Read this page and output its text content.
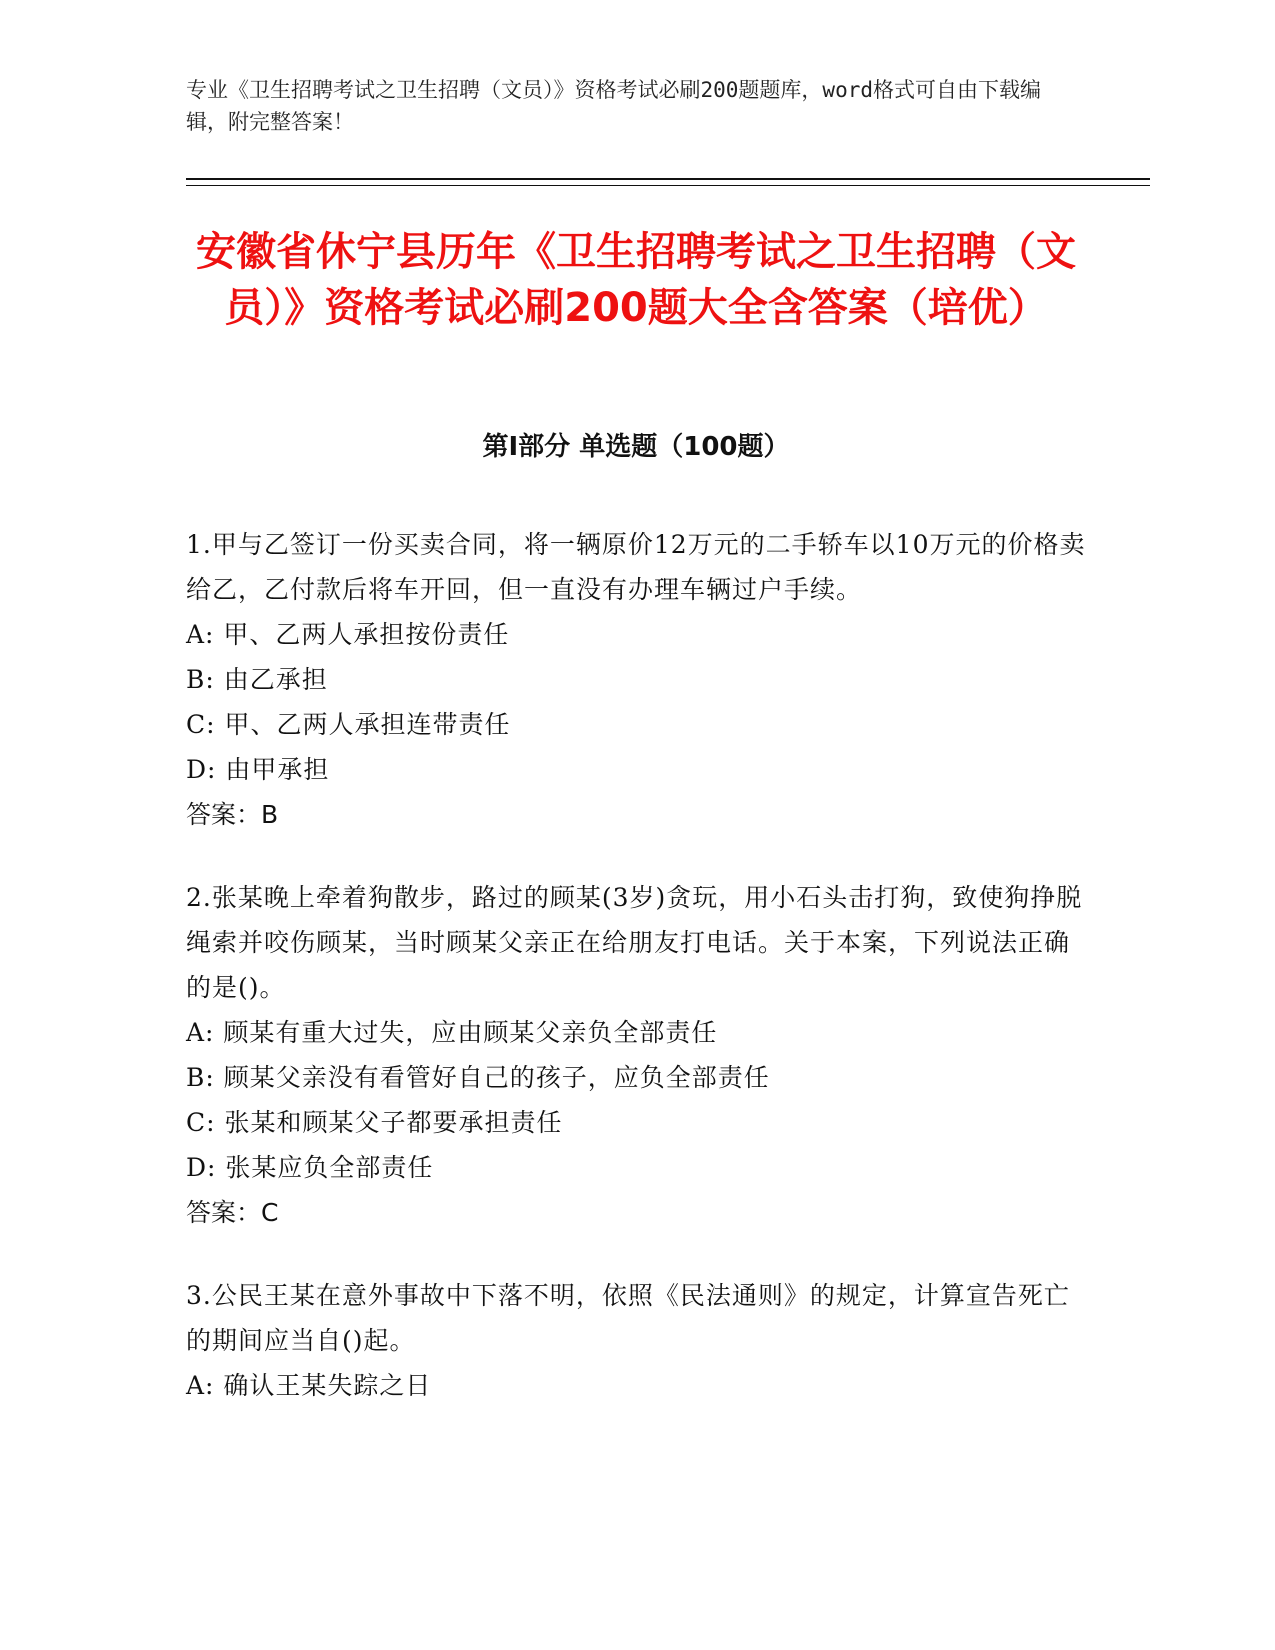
专业《卫生招聘考试之卫生招聘（文员）》资格考试必刷200题题库，word格式可自由下载编辑，附完整答案！
安徽省休宁县历年《卫生招聘考试之卫生招聘（文员）》资格考试必刷200题大全含答案（培优）
第Ⅰ部分 单选题（100题）

1.甲与乙签订一份买卖合同，将一辆原价12万元的二手轿车以10万元的价格卖给乙，乙付款后将车开回，但一直没有办理车辆过户手续。

A: 甲、乙两人承担按份责任

B: 由乙承担

C: 甲、乙两人承担连带责任

D: 由甲承担

答案：B

2.张某晚上牵着狗散步，路过的顾某(3岁)贪玩，用小石头击打狗，致使狗挣脱绳索并咬伤顾某，当时顾某父亲正在给朋友打电话。关于本案，下列说法正确的是()。

A: 顾某有重大过失，应由顾某父亲负全部责任

B: 顾某父亲没有看管好自己的孩子，应负全部责任

C: 张某和顾某父子都要承担责任

D: 张某应负全部责任

答案：C

3.公民王某在意外事故中下落不明，依照《民法通则》的规定，计算宣告死亡的期间应当自()起。

A: 确认王某失踪之日
